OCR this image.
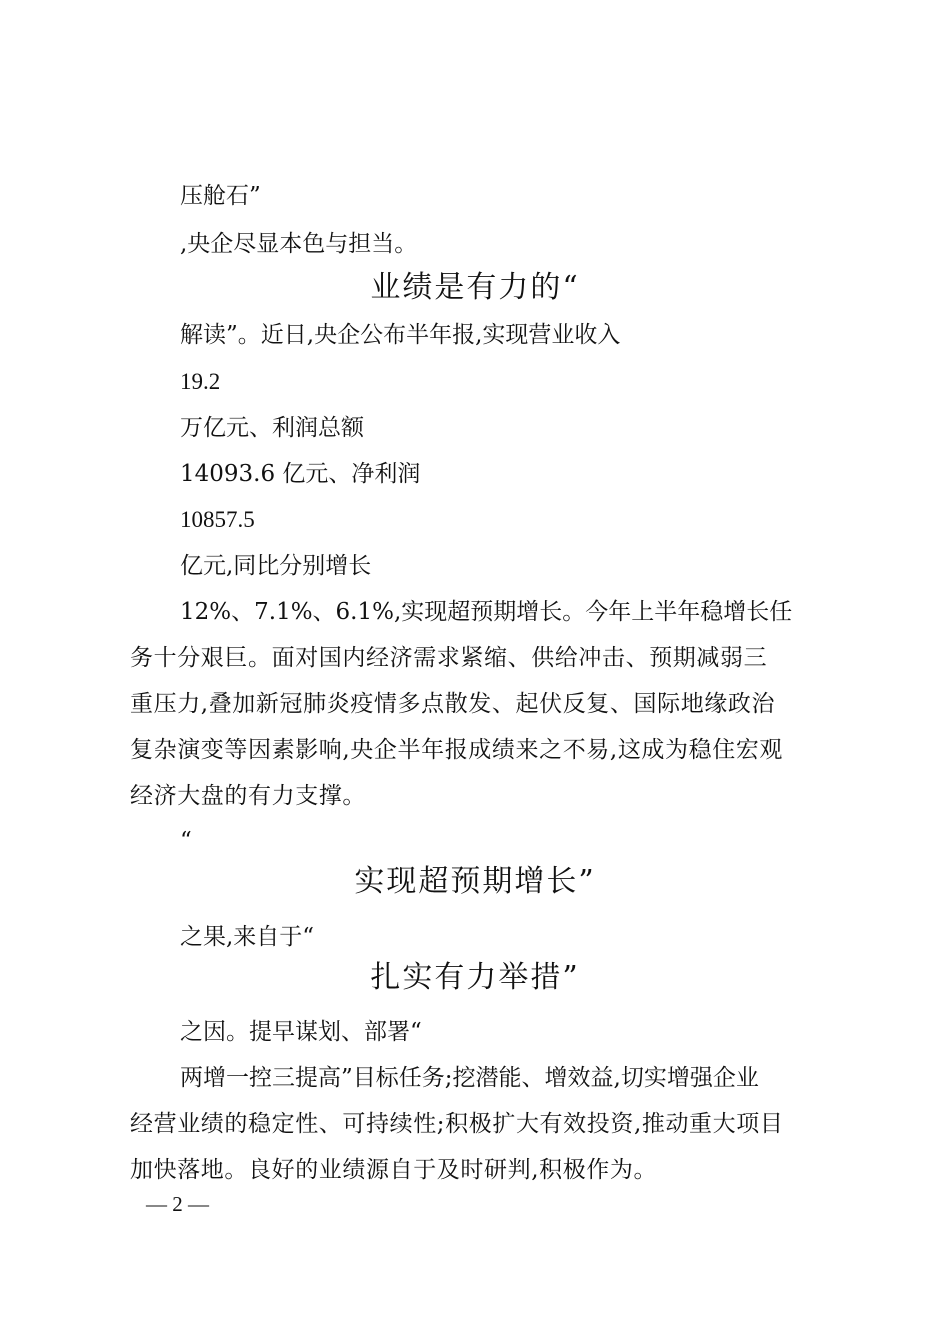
压舱石”
,央企尽显本色与担当。
业绩是有力的“
解读”。近日,央企公布半年报,实现营业收入
19.2
万亿元、利润总额
14093.6 亿元、净利润
10857.5
亿元,同比分别增长
12%、7.1%、6.1%,实现超预期增长。今年上半年稳增长任
务十分艰巨。面对国内经济需求紧缩、供给冲击、预期减弱三
重压力,叠加新冠肺炎疫情多点散发、起伏反复、国际地缘政治
复杂演变等因素影响,央企半年报成绩来之不易,这成为稳住宏观
经济大盘的有力支撑。
“
实现超预期增长”
之果,来自于“
扎实有力举措”
之因。提早谋划、部署“
两增一控三提高”目标任务;挖潜能、增效益,切实增强企业
经营业绩的稳定性、可持续性;积极扩大有效投资,推动重大项目
加快落地。良好的业绩源自于及时研判,积极作为。
— 2 —
